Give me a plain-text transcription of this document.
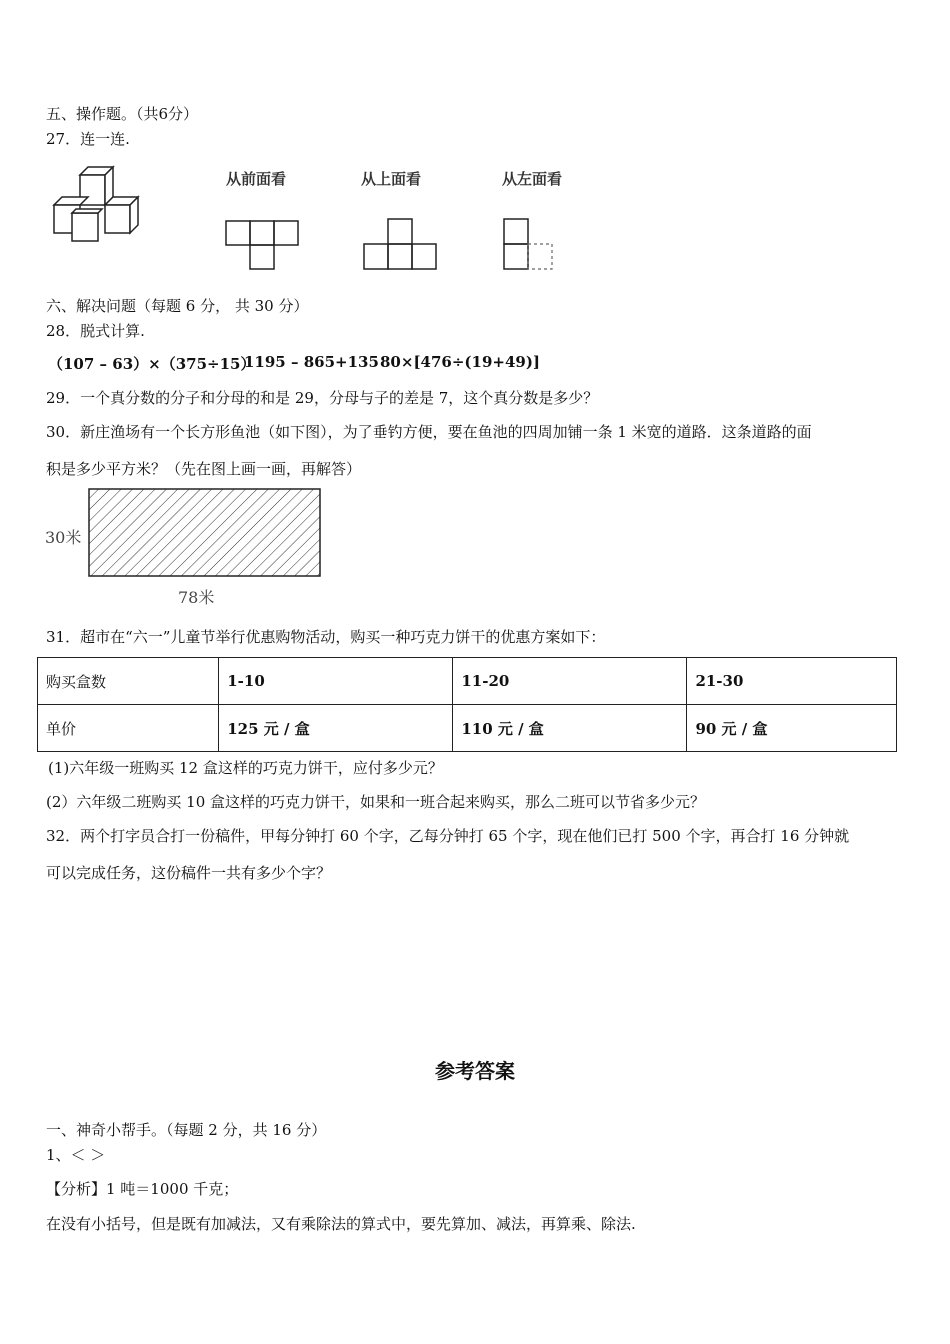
五、操作题。（共6分）
27．连一连.
从前面看	从上面看	从左面看
六、解决问题（每题 6 分， 共 30 分）
28．脱式计算.
（107 – 63）×（375÷15）
1195 – 865+135 80×[476÷(19+49)]
29．一个真分数的分子和分母的和是 29，分母与子的差是 7，这个真分数是多少？
30．新庄渔场有一个长方形鱼池（如下图），为了垂钓方便，要在鱼池的四周加铺一条 1 米宽的道路．这条道路的面
积是多少平方米？（先在图上画一画，再解答）
30米
78米
31．超市在“六一”儿童节举行优惠购物活动，购买一种巧克力饼干的优惠方案如下：
购买盒数	1-10	11-20	21-30
单价	125 元 / 盒	110 元 / 盒	90 元 / 盒
(1)六年级一班购买 12 盒这样的巧克力饼干，应付多少元？
(2）六年级二班购买 10 盒这样的巧克力饼干，如果和一班合起来购买，那么二班可以节省多少元？
32．两个打字员合打一份稿件，甲每分钟打 60 个字，乙每分钟打 65 个字，现在他们已打 500 个字，再合打 16 分钟就
可以完成任务，这份稿件一共有多少个字？
参考答案
一、神奇小帮手。（每题 2 分，共 16 分）
1、＜ ＞
【分析】1 吨＝1000 千克；
在没有小括号，但是既有加减法，又有乘除法的算式中，要先算加、减法，再算乘、除法.
